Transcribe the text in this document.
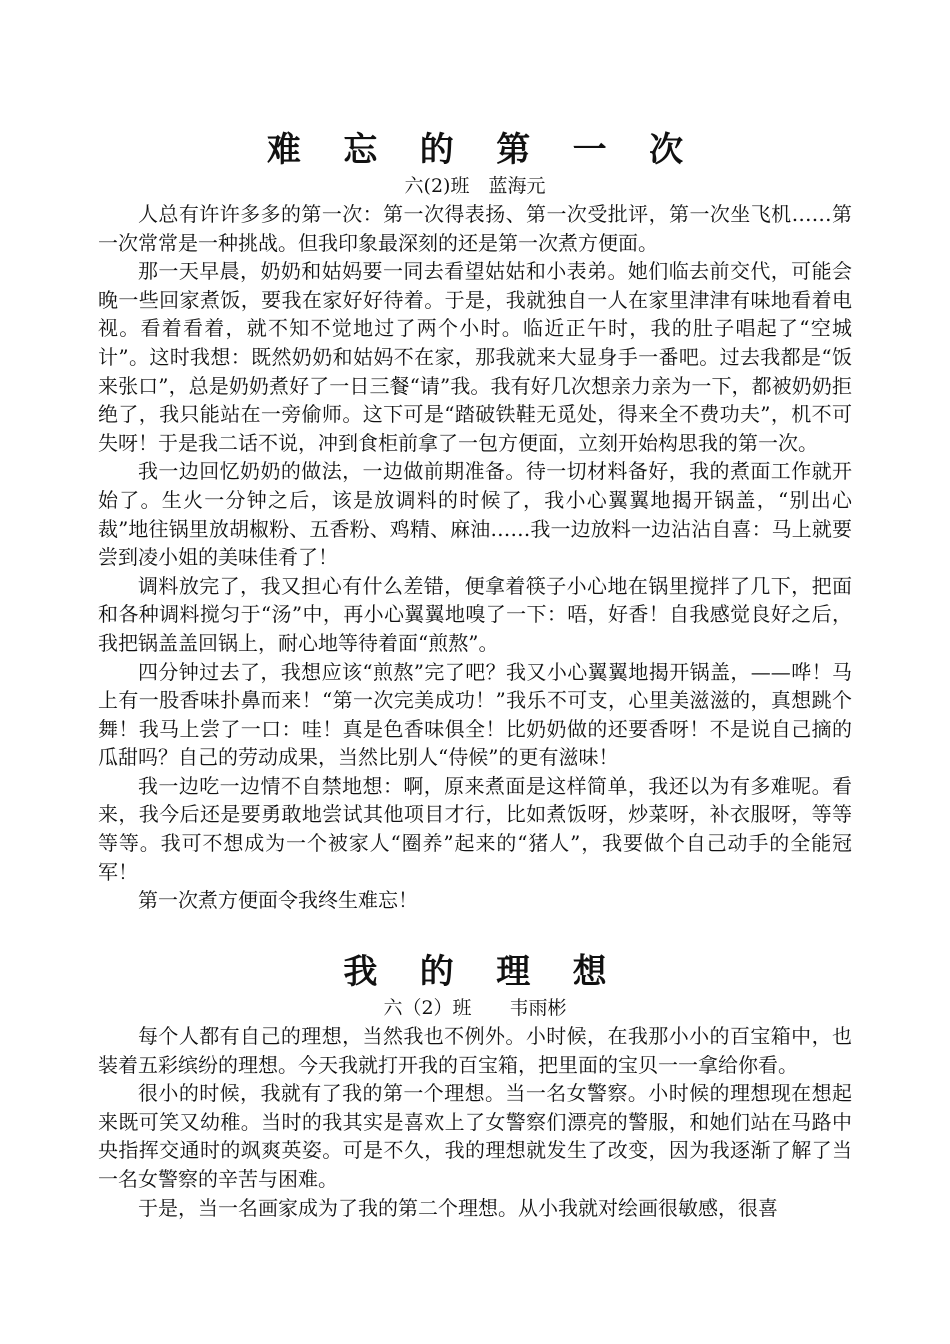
难 忘 的 第 一 次

六(2)班　蓝海元

人总有许许多多的第一次：第一次得表扬、第一次受批评，第一次坐飞机……第一次常常是一种挑战。但我印象最深刻的还是第一次煮方便面。

那一天早晨，奶奶和姑妈要一同去看望姑姑和小表弟。她们临去前交代，可能会晚一些回家煮饭，要我在家好好待着。于是，我就独自一人在家里津津有味地看着电视。看着看着，就不知不觉地过了两个小时。临近正午时，我的肚子唱起了“空城计”。这时我想：既然奶奶和姑妈不在家，那我就来大显身手一番吧。过去我都是“饭来张口”，总是奶奶煮好了一日三餐“请”我。我有好几次想亲力亲为一下，都被奶奶拒绝了，我只能站在一旁偷师。这下可是“踏破铁鞋无觅处，得来全不费功夫”，机不可失呀！于是我二话不说，冲到食柜前拿了一包方便面，立刻开始构思我的第一次。

我一边回忆奶奶的做法，一边做前期准备。待一切材料备好，我的煮面工作就开始了。生火一分钟之后，该是放调料的时候了，我小心翼翼地揭开锅盖，“别出心裁”地往锅里放胡椒粉、五香粉、鸡精、麻油……我一边放料一边沾沾自喜：马上就要尝到凌小姐的美味佳肴了！

调料放完了，我又担心有什么差错，便拿着筷子小心地在锅里搅拌了几下，把面和各种调料搅匀于“汤”中，再小心翼翼地嗅了一下：唔，好香！自我感觉良好之后，我把锅盖盖回锅上，耐心地等待着面“煎熬”。

四分钟过去了，我想应该“煎熬”完了吧？我又小心翼翼地揭开锅盖，——哗！马上有一股香味扑鼻而来！“第一次完美成功！”我乐不可支，心里美滋滋的，真想跳个舞！我马上尝了一口：哇！真是色香味俱全！比奶奶做的还要香呀！不是说自己摘的瓜甜吗？自己的劳动成果，当然比别人“侍候”的更有滋味！

我一边吃一边情不自禁地想：啊，原来煮面是这样简单，我还以为有多难呢。看来，我今后还是要勇敢地尝试其他项目才行，比如煮饭呀，炒菜呀，补衣服呀，等等等等。我可不想成为一个被家人“圈养”起来的“猪人”，我要做个自己动手的全能冠军！

第一次煮方便面令我终生难忘！

我 的 理 想

六（2）班　　韦雨彬

每个人都有自己的理想，当然我也不例外。小时候，在我那小小的百宝箱中，也装着五彩缤纷的理想。今天我就打开我的百宝箱，把里面的宝贝一一拿给你看。

很小的时候，我就有了我的第一个理想。当一名女警察。小时候的理想现在想起来既可笑又幼稚。当时的我其实是喜欢上了女警察们漂亮的警服，和她们站在马路中央指挥交通时的飒爽英姿。可是不久，我的理想就发生了改变，因为我逐渐了解了当一名女警察的辛苦与困难。

于是，当一名画家成为了我的第二个理想。从小我就对绘画很敏感，很喜
